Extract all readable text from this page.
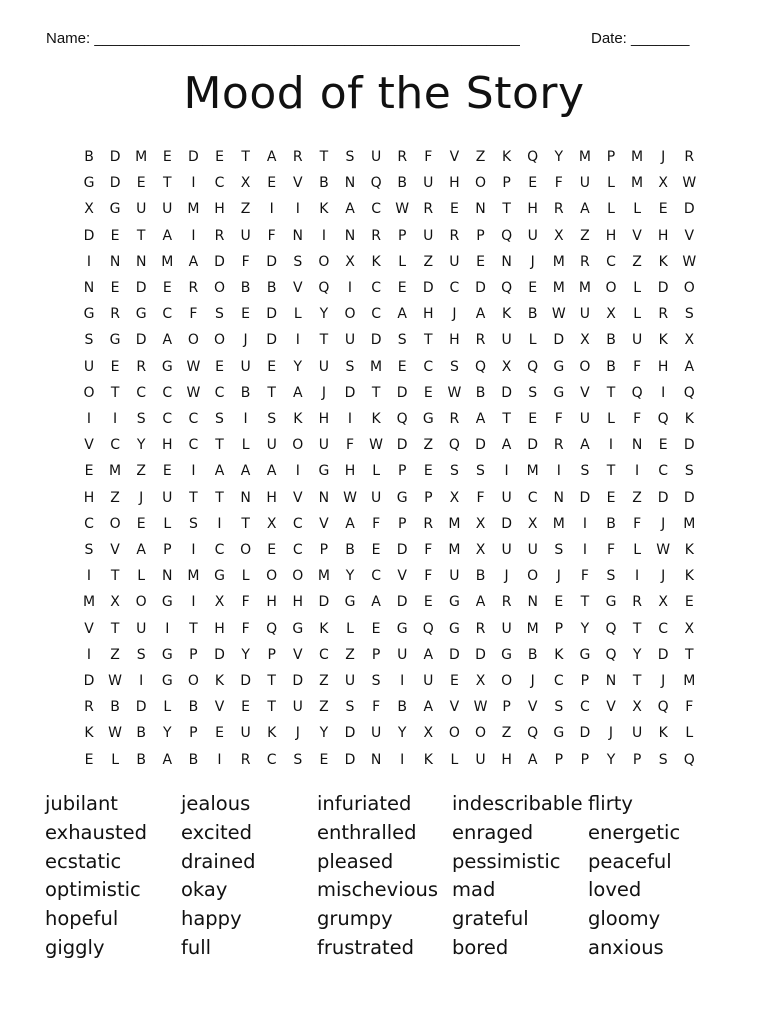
Name: ___________________________________________________	Date: _______
Mood of the Story
B	D	M	E	D	E	T	A	R	T	S	U	R	F	V	Z	K	Q	Y	M	P	M	J	R
G	D	E	T	I	C	X	E	V	B	N	Q	B	U	H	O	P	E	F	U	L	M	X	W
X	G	U	U	M	H	Z	I	I	K	A	C	W	R	E	N	T	H	R	A	L	L	E	D
D	E	T	A	I	R	U	F	N	I	N	R	P	U	R	P	Q	U	X	Z	H	V	H	V
I	N	N	M	A	D	F	D	S	O	X	K	L	Z	U	E	N	J	M	R	C	Z	K	W
N	E	D	E	R	O	B	B	V	Q	I	C	E	D	C	D	Q	E	M	M	O	L	D	O
G	R	G	C	F	S	E	D	L	Y	O	C	A	H	J	A	K	B	W	U	X	L	R	S
S	G	D	A	O	O	J	D	I	T	U	D	S	T	H	R	U	L	D	X	B	U	K	X
U	E	R	G W	E	U	E	Y	U	S	M	E	C	S	Q	X	Q	G	O	B	F	H	A
O	T	C	C	W	C	B	T	A	J	D	T	D	E	W	B	D	S	G	V	T	Q	I	Q
I	I	S	C	C	S	I	S	K	H	I	K	Q	G	R	A	T	E	F	U	L	F	Q	K
V	C	Y	H	C	T	L	U	O	U	F	W D	Z	Q	D	A	D	R	A	I	N	E	D
E	M	Z	E	I	A	A	A	I	G	H	L	P	E	S	S	I	M	I	S	T	I	C	S
H	Z	J	U	T	T	N	H	V	N W	U	G	P	X	F	U	C	N	D	E	Z	D	D
C	O	E	L	S	I	T	X	C	V	A	F	P	R	M	X	D	X	M	I	B	F	J	M
S	V	A	P	I	C	O	E	C	P	B	E	D	F	M	X	U	U	S	I	F	L	W	K
I	T	L	N	M	G	L	O	O	M	Y	C	V	F	U	B	J	O	J	F	S	I	J	K
M	X	O	G	I	X	F	H	H	D	G	A	D	E	G	A	R	N	E	T	G	R	X	E
V	T	U	I	T	H	F	Q	G	K	L	E	G	Q	G	R	U	M	P	Y	Q	T	C	X
I	Z	S	G	P	D	Y	P	V	C	Z	P	U	A	D	D	G	B	K	G	Q	Y	D	T
D W	I	G	O	K	D	T	D	Z	U	S	I	U	E	X	O	J	C	P	N	T	J	M
R	B	D	L	B	V	E	T	U	Z	S	F	B	A	V	W	P	V	S	C	V	X	Q	F
K	W	B	Y	P	E	U	K	J	Y	D	U	Y	X	O	O	Z	Q	G	D	J	U	K	L
E	L	B	A	B	I	R	C	S	E	D	N	I	K	L	U	H	A	P	P	Y	P	S	Q
jubilant
exhausted
ecstatic
optimistic
hopeful
giggly
jealous
excited
drained
okay
happy
full
infuriated
enthralled
pleased
mischevious
grumpy
frustrated
indescribable
enraged
pessimistic
mad
grateful
bored
flirty
energetic
peaceful
loved
gloomy
anxious
